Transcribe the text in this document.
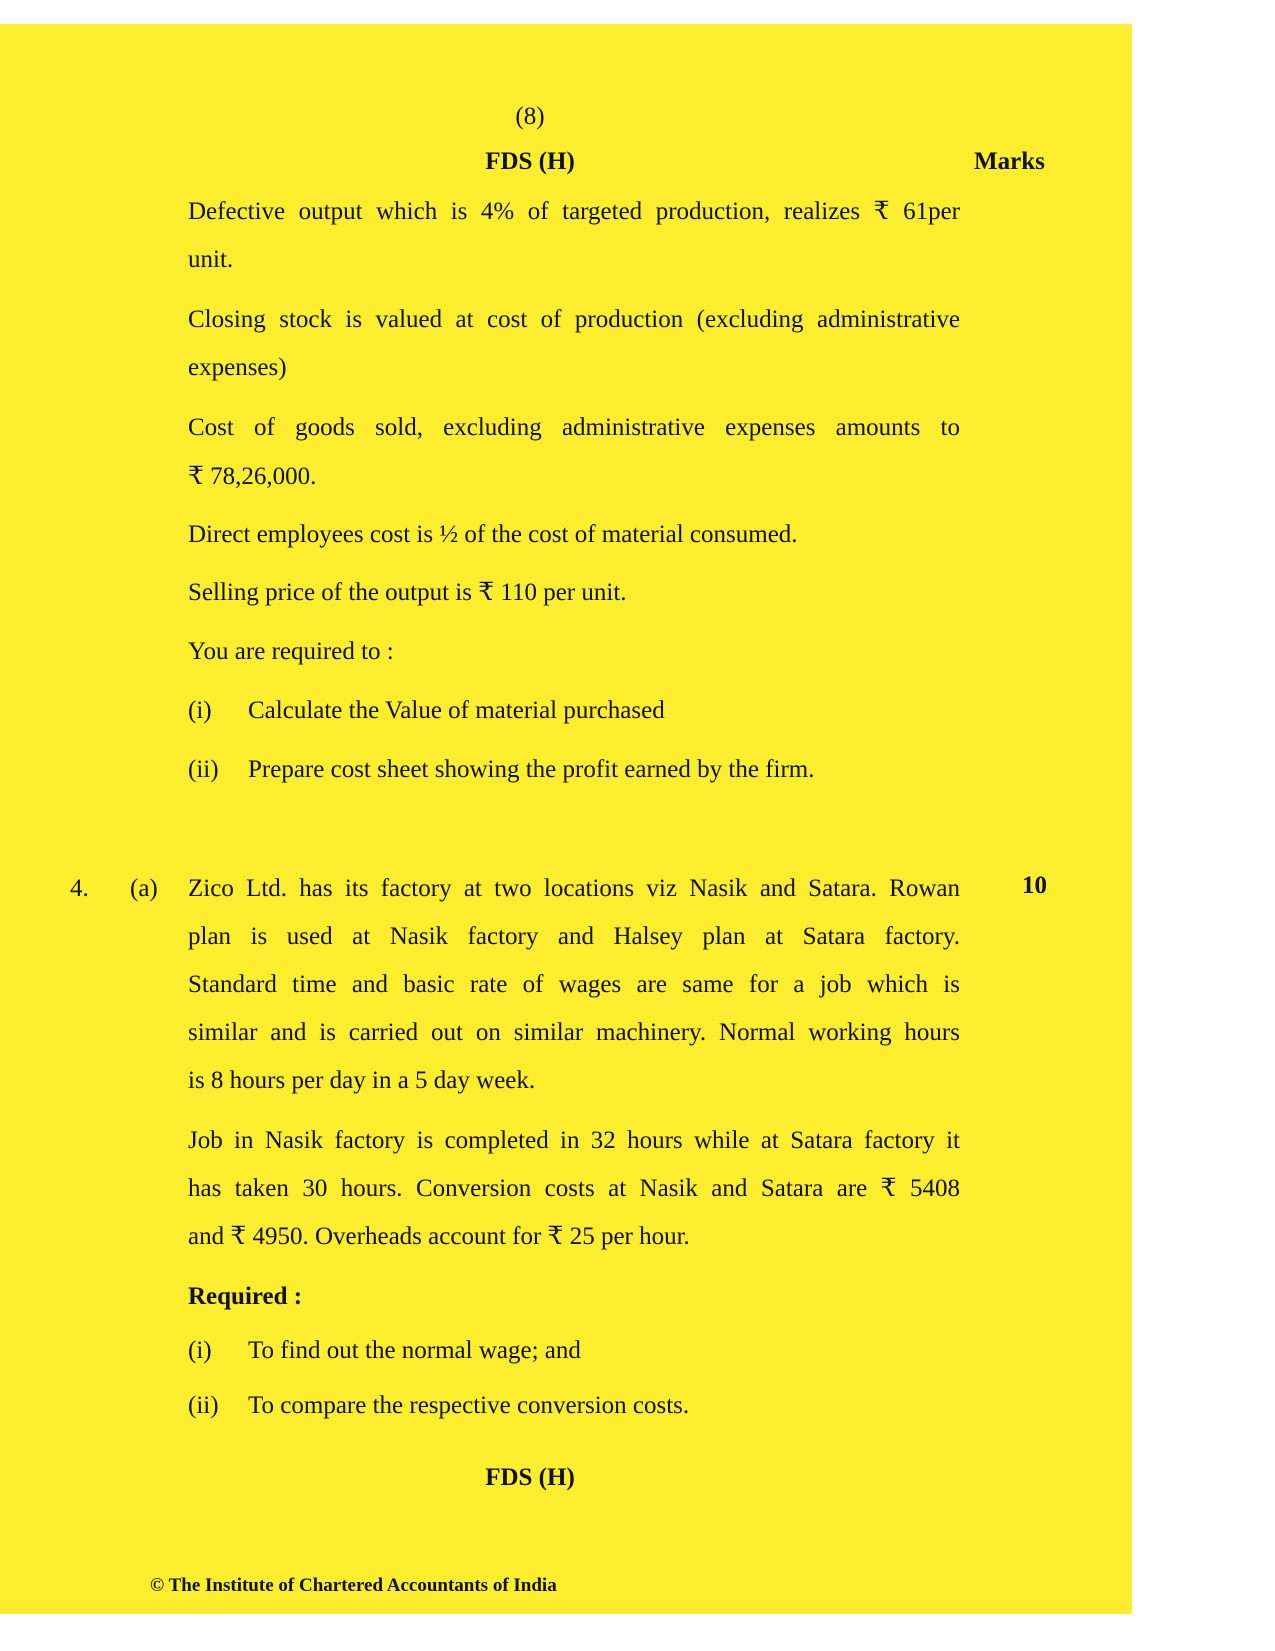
(8)
FDS (H)	Marks
Defective output which is 4% of targeted production, realizes ₹ 61per
unit.
Closing stock is valued at cost of production (excluding administrative
expenses)
Cost of goods sold, excluding administrative expenses amounts to
₹ 78,26,000.
Direct employees cost is ½ of the cost of material consumed.
Selling price of the output is ₹ 110 per unit.
You are required to :
(i) Calculate the Value of material purchased
(ii) Prepare cost sheet showing the profit earned by the firm.
4. (a)	10
Zico Ltd. has its factory at two locations viz Nasik and Satara. Rowan
plan is used at Nasik factory and Halsey plan at Satara factory.
Standard time and basic rate of wages are same for a job which is
similar and is carried out on similar machinery. Normal working hours
is 8 hours per day in a 5 day week.
Job in Nasik factory is completed in 32 hours while at Satara factory it
has taken 30 hours. Conversion costs at Nasik and Satara are ₹ 5408
and ₹ 4950. Overheads account for ₹ 25 per hour.
Required :
(i) To find out the normal wage; and
(ii) To compare the respective conversion costs.
FDS (H)
© The Institute of Chartered Accountants of India
